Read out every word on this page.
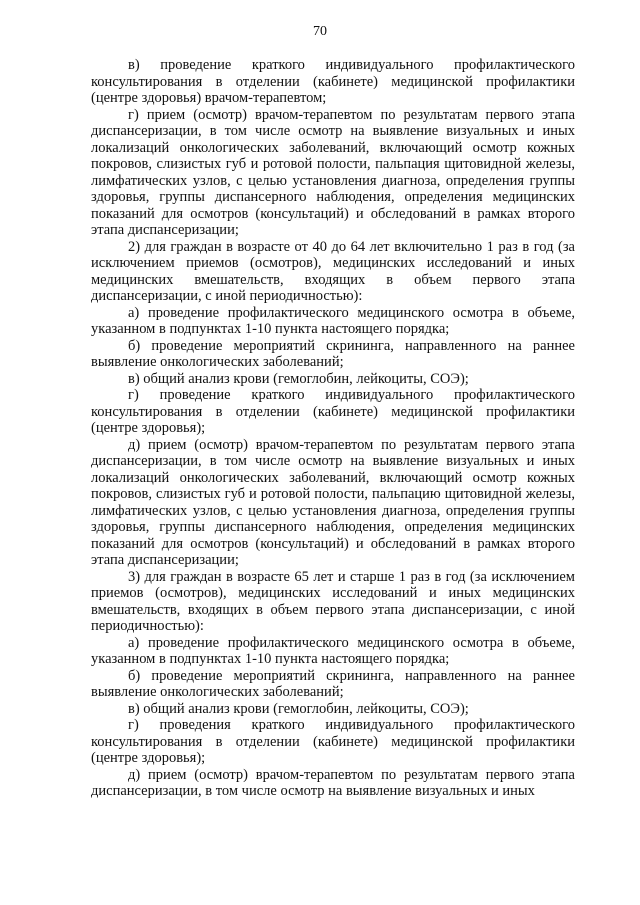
70

в) проведение краткого индивидуального профилактического консультирования в отделении (кабинете) медицинской профилактики (центре здоровья) врачом-терапевтом;

г) прием (осмотр) врачом-терапевтом по результатам первого этапа диспансеризации, в том числе осмотр на выявление визуальных и иных локализаций онкологических заболеваний, включающий осмотр кожных покровов, слизистых губ и ротовой полости, пальпация щитовидной железы, лимфатических узлов, с целью установления диагноза, определения группы здоровья, группы диспансерного наблюдения, определения медицинских показаний для осмотров (консультаций) и обследований в рамках второго этапа диспансеризации;

2) для граждан в возрасте от 40 до 64 лет включительно 1 раз в год (за исключением приемов (осмотров), медицинских исследований и иных медицинских вмешательств, входящих в объем первого этапа диспансеризации, с иной периодичностью):

а) проведение профилактического медицинского осмотра в объеме, указанном в подпунктах 1-10 пункта настоящего порядка;

б) проведение мероприятий скрининга, направленного на раннее выявление онкологических заболеваний;

в) общий анализ крови (гемоглобин, лейкоциты, СОЭ);

г) проведение краткого индивидуального профилактического консультирования в отделении (кабинете) медицинской профилактики (центре здоровья);

д) прием (осмотр) врачом-терапевтом по результатам первого этапа диспансеризации, в том числе осмотр на выявление визуальных и иных локализаций онкологических заболеваний, включающий осмотр кожных покровов, слизистых губ и ротовой полости, пальпацию щитовидной железы, лимфатических узлов, с целью установления диагноза, определения группы здоровья, группы диспансерного наблюдения, определения медицинских показаний для осмотров (консультаций) и обследований в рамках второго этапа диспансеризации;

3) для граждан в возрасте 65 лет и старше 1 раз в год (за исключением приемов (осмотров), медицинских исследований и иных медицинских вмешательств, входящих в объем первого этапа диспансеризации, с иной периодичностью):

а) проведение профилактического медицинского осмотра в объеме, указанном в подпунктах 1-10 пункта настоящего порядка;

б) проведение мероприятий скрининга, направленного на раннее выявление онкологических заболеваний;

в) общий анализ крови (гемоглобин, лейкоциты, СОЭ);

г) проведения краткого индивидуального профилактического консультирования в отделении (кабинете) медицинской профилактики (центре здоровья);

д) прием (осмотр) врачом-терапевтом по результатам первого этапа диспансеризации, в том числе осмотр на выявление визуальных и иных
